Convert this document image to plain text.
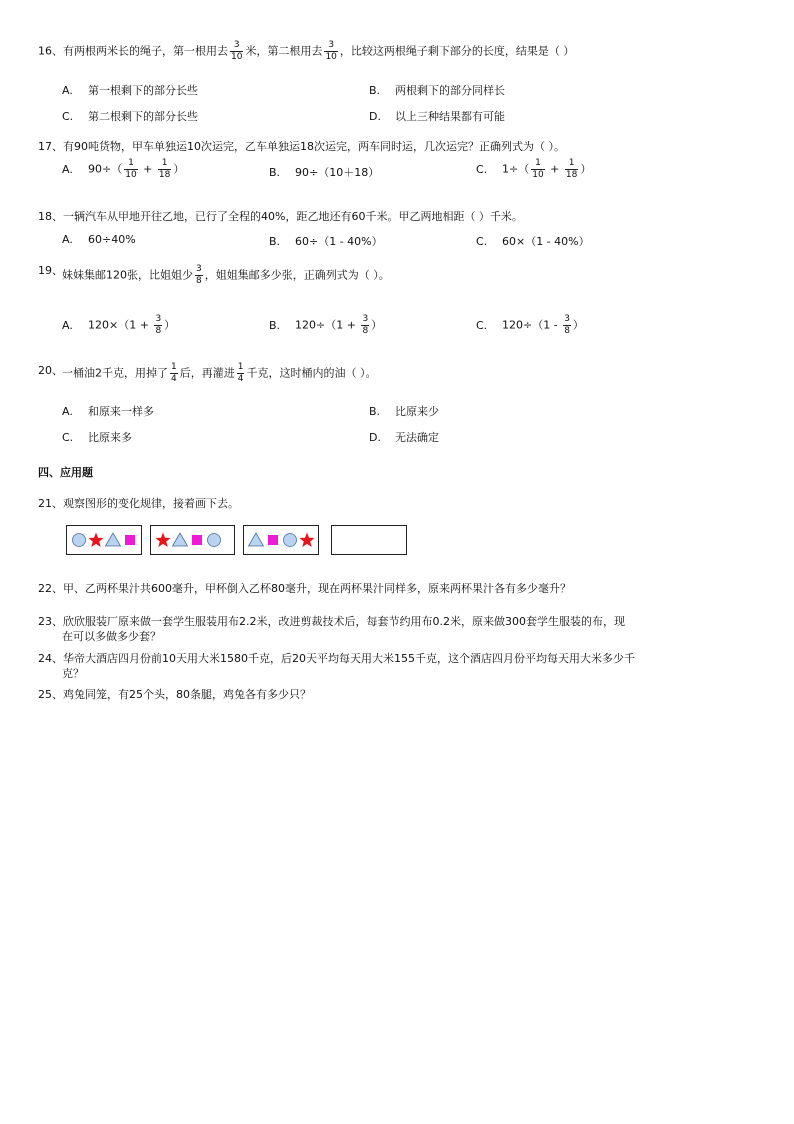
16、有两根两米长的绳子，第一根用去 $\frac{3}{10}$ 米，第二根用去 $\frac{3}{10}$ ，比较这两根绳子剩下部分的长度，结果是（ ）
A. 第一根剩下的部分长些	B. 两根剩下的部分同样长
C. 第二根剩下的部分长些	D. 以上三种结果都有可能
17、有90吨货物，甲车单独运10次运完，乙车单独运18次运完，两车同时运，几次运完？正确列式为（ ）。
A. $90\div( \frac{1}{10} + \frac{1}{18}$ ）	B. 90÷（10＋18）	C. $1\div( \frac{1}{10} + \frac{1}{18}$ ）
18、一辆汽车从甲地开往乙地，已行了全程的40%，距乙地还有60千米。甲乙两地相距（ ）千米。
A. 60÷40%	B. 60÷（1 - 40%）	C. 60×（1 - 40%）
19、 妹妹集邮120张，比姐姐少 $\frac{3}{8}$ ，姐姐集邮多少张，正确列式为（ ）。
A. $120\times(1 + \frac{3}{8}$ ）	B. $120\div(1 + \frac{3}{8}$ ）	C. $120\div(1 - \frac{3}{8}$ ）
20、 一桶油2千克，用掉了 $\frac{1}{4}$ 后，再灌进 $\frac{1}{4}$ 千克，这时桶内的油（ ）。
A. 和原来一样多	B. 比原来少
C. 比原来多	D. 无法确定
四、应用题
21、观察图形的变化规律，接着画下去。
22、甲、乙两杯果汁共600毫升，甲杯倒入乙杯80毫升，现在两杯果汁同样多，原来两杯果汁各有多少毫升？
23、欣欣服装厂原来做一套学生服装用布2.2米，改进剪裁技术后，每套节约用布0.2米，原来做300套学生服装的布，现
在可以多做多少套？
24、华帝大酒店四月份前10天用大米1580千克，后20天平均每天用大米155千克，这个酒店四月份平均每天用大米多少千
克？
25、鸡兔同笼，有25个头，80条腿，鸡兔各有多少只？
